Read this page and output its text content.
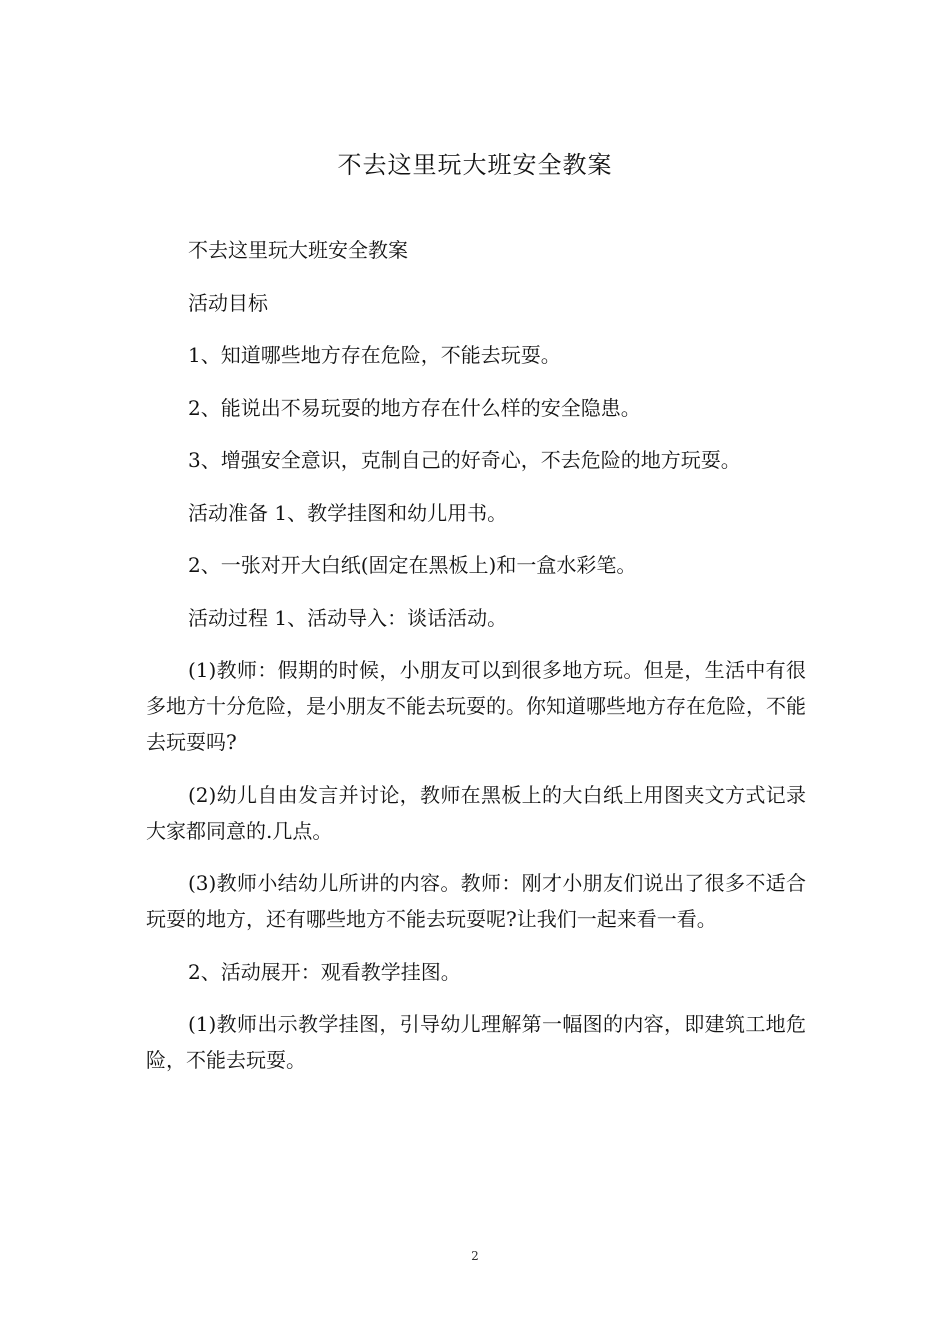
不去这里玩大班安全教案

不去这里玩大班安全教案

活动目标

1、知道哪些地方存在危险，不能去玩耍。

2、能说出不易玩耍的地方存在什么样的安全隐患。

3、增强安全意识，克制自己的好奇心，不去危险的地方玩耍。

活动准备 1、教学挂图和幼儿用书。

2、一张对开大白纸(固定在黑板上)和一盒水彩笔。

活动过程 1、活动导入：谈话活动。

(1)教师：假期的时候，小朋友可以到很多地方玩。但是，生活中有很多地方十分危险，是小朋友不能去玩耍的。你知道哪些地方存在危险，不能去玩耍吗?

(2)幼儿自由发言并讨论，教师在黑板上的大白纸上用图夹文方式记录大家都同意的.几点。

(3)教师小结幼儿所讲的内容。教师：刚才小朋友们说出了很多不适合玩耍的地方，还有哪些地方不能去玩耍呢?让我们一起来看一看。

2、活动展开：观看教学挂图。

(1)教师出示教学挂图，引导幼儿理解第一幅图的内容，即建筑工地危险，不能去玩耍。

2
